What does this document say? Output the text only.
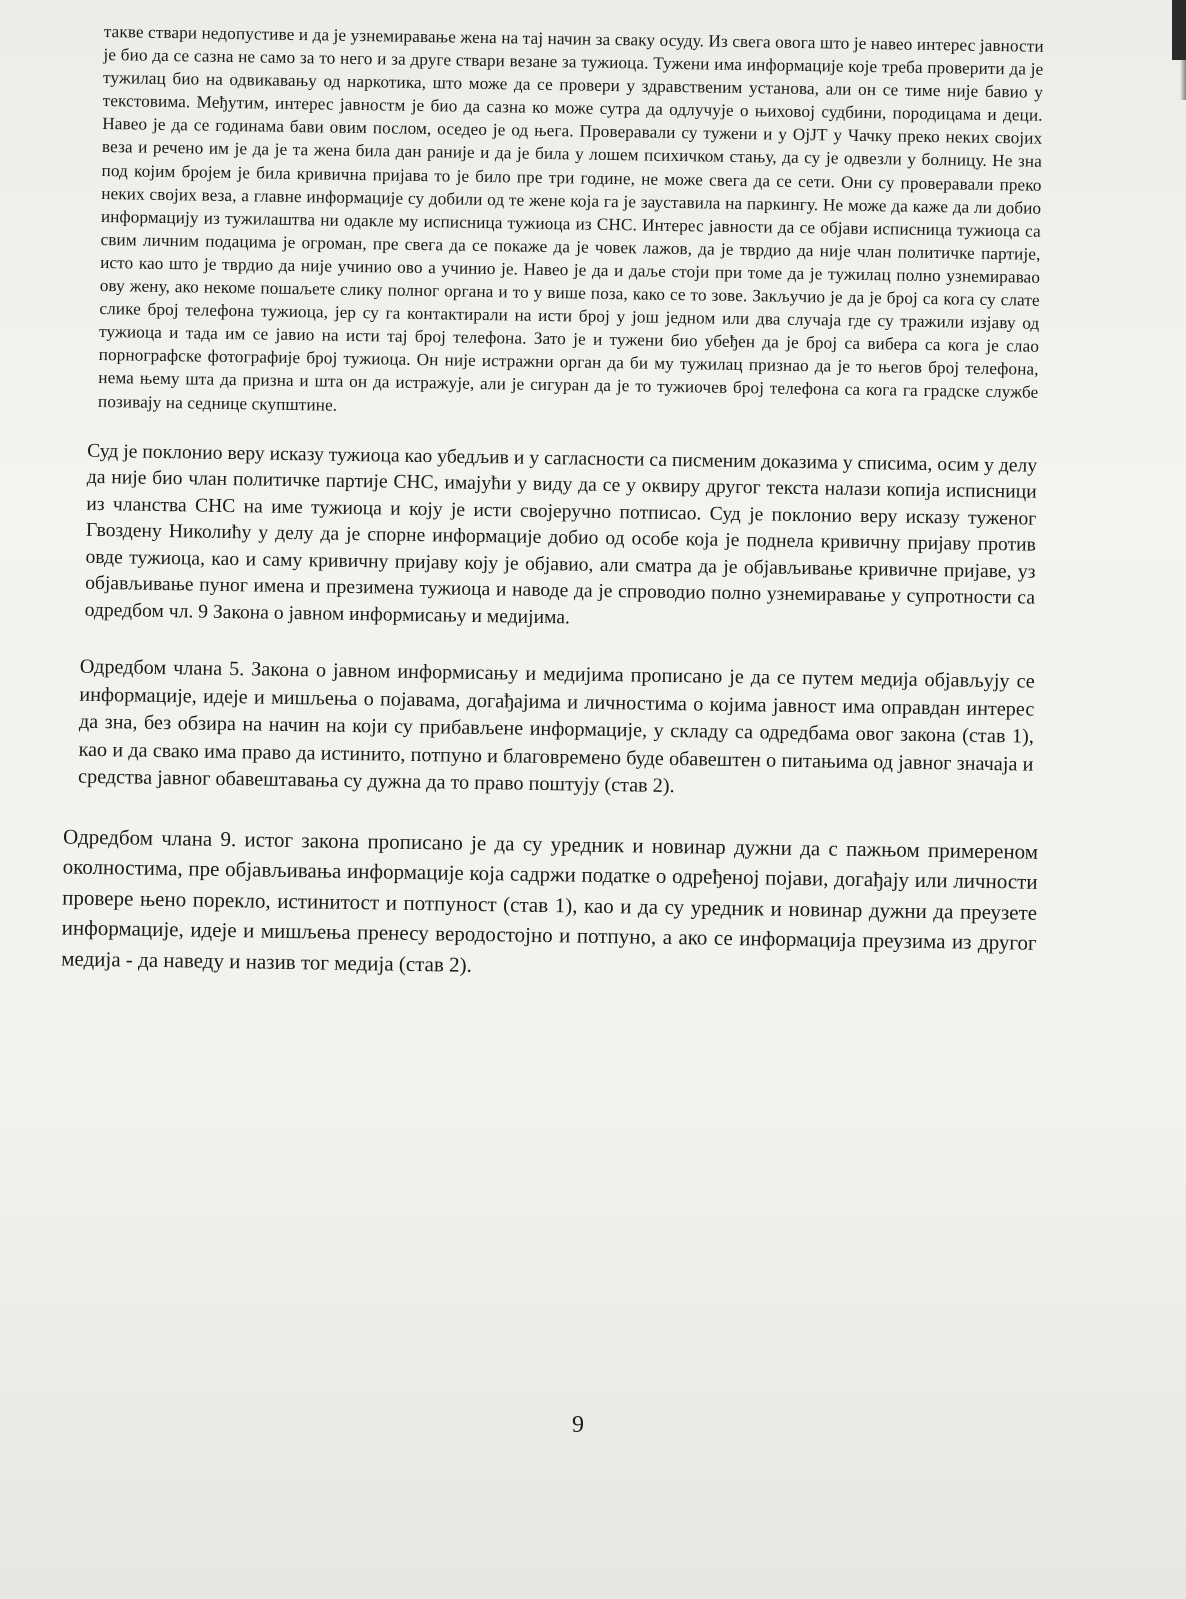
такве ствари недопустиве и да је узнемиравање жена на тај начин за сваку осуду. Из свега овога што је навео интерес јавности је био да се сазна не само за то него и за друге ствари везане за тужиоца. Тужени има информације које треба проверити да је тужилац био на одвикавању од наркотика, што може да се провери у здравственим установа, али он се тиме није бавио у текстовима. Међутим, интерес јавностм је био да сазна ко може сутра да одлучује о њиховој судбини, породицама и деци. Навео је да се годинама бави овим послом, оседео је од њега. Проверавали су тужени и у ОјЈТ у Чачку преко неких својих веза и речено им је да је та жена била дан раније и да је била у лошем психичком стању, да су је одвезли у болницу. Не зна под којим бројем је била кривична пријава то је било пре три године, не може свега да се сети. Они су проверавали преко неких својих веза, а главне информације су добили од те жене која га је зауставила на паркингу. Не може да каже да ли добио информацију из тужилаштва ни одакле му исписница тужиоца из СНС. Интерес јавности да се објави исписница тужиоца са свим личним подацима је огроман, пре свега да се покаже да је човек лажов, да је тврдио да није члан политичке партије, исто као што је тврдио да није учинио ово а учинио је. Навео је да и даље стоји при томе да је тужилац полно узнемиравао ову жену, ако некоме пошаљете слику полног органа и то у више поза, како се то зове. Закључио је да је број са кога су слате слике број телефона тужиоца, јер су га контактирали на исти број у још једном или два случаја где су тражили изјаву од тужиоца и тада им се јавио на исти тај број телефона. Зато је и тужени био убеђен да је број са вибера са кога је слао порнографске фотографије број тужиоца. Он није истражни орган да би му тужилац признао да је то његов број телефона, нема њему шта да призна и шта он да истражује, али је сигуран да је то тужиочев број телефона са кога га градске службе позивају на седнице скупштине.

Суд је поклонио веру исказу тужиоца као убедљив и у сагласности са писменим доказима у списима, осим у делу да није био члан политичке партије СНС, имајући у виду да се у оквиру другог текста налази копија исписници из чланства СНС на име тужиоца и коју је исти својеручно потписао. Суд је поклонио веру исказу туженог Гвоздену Николићу у делу да је спорне информације добио од особе која је поднела кривичну пријаву против овде тужиоца, као и саму кривичну пријаву коју је објавио, али сматра да је објављивање кривичне пријаве, уз објављивање пуног имена и презимена тужиоца и наводе да је спроводио полно узнемиравање у супротности са одредбом чл. 9 Закона о јавном информисању и медијима.

Одредбом члана 5. Закона о јавном информисању и медијима прописано је да се путем медија објављују се информације, идеје и мишљења о појавама, догађајима и личностима о којима јавност има оправдан интерес да зна, без обзира на начин на који су прибављене информације, у складу са одредбама овог закона (став 1), као и да свако има право да истинито, потпуно и благовремено буде обавештен о питањима од јавног значаја и средства јавног обавештавања су дужна да то право поштују (став 2).

Одредбом члана 9. истог закона прописано је да су уредник и новинар дужни да с пажњом примереном околностима, пре објављивања информације која садржи податке о одређеној појави, догађају или личности провере њено порекло, истинитост и потпуност (став 1), као и да су уредник и новинар дужни да преузете информације, идеје и мишљења пренесу веродостојно и потпуно, а ако се информација преузима из другог медија - да наведу и назив тог медија (став 2).

9
